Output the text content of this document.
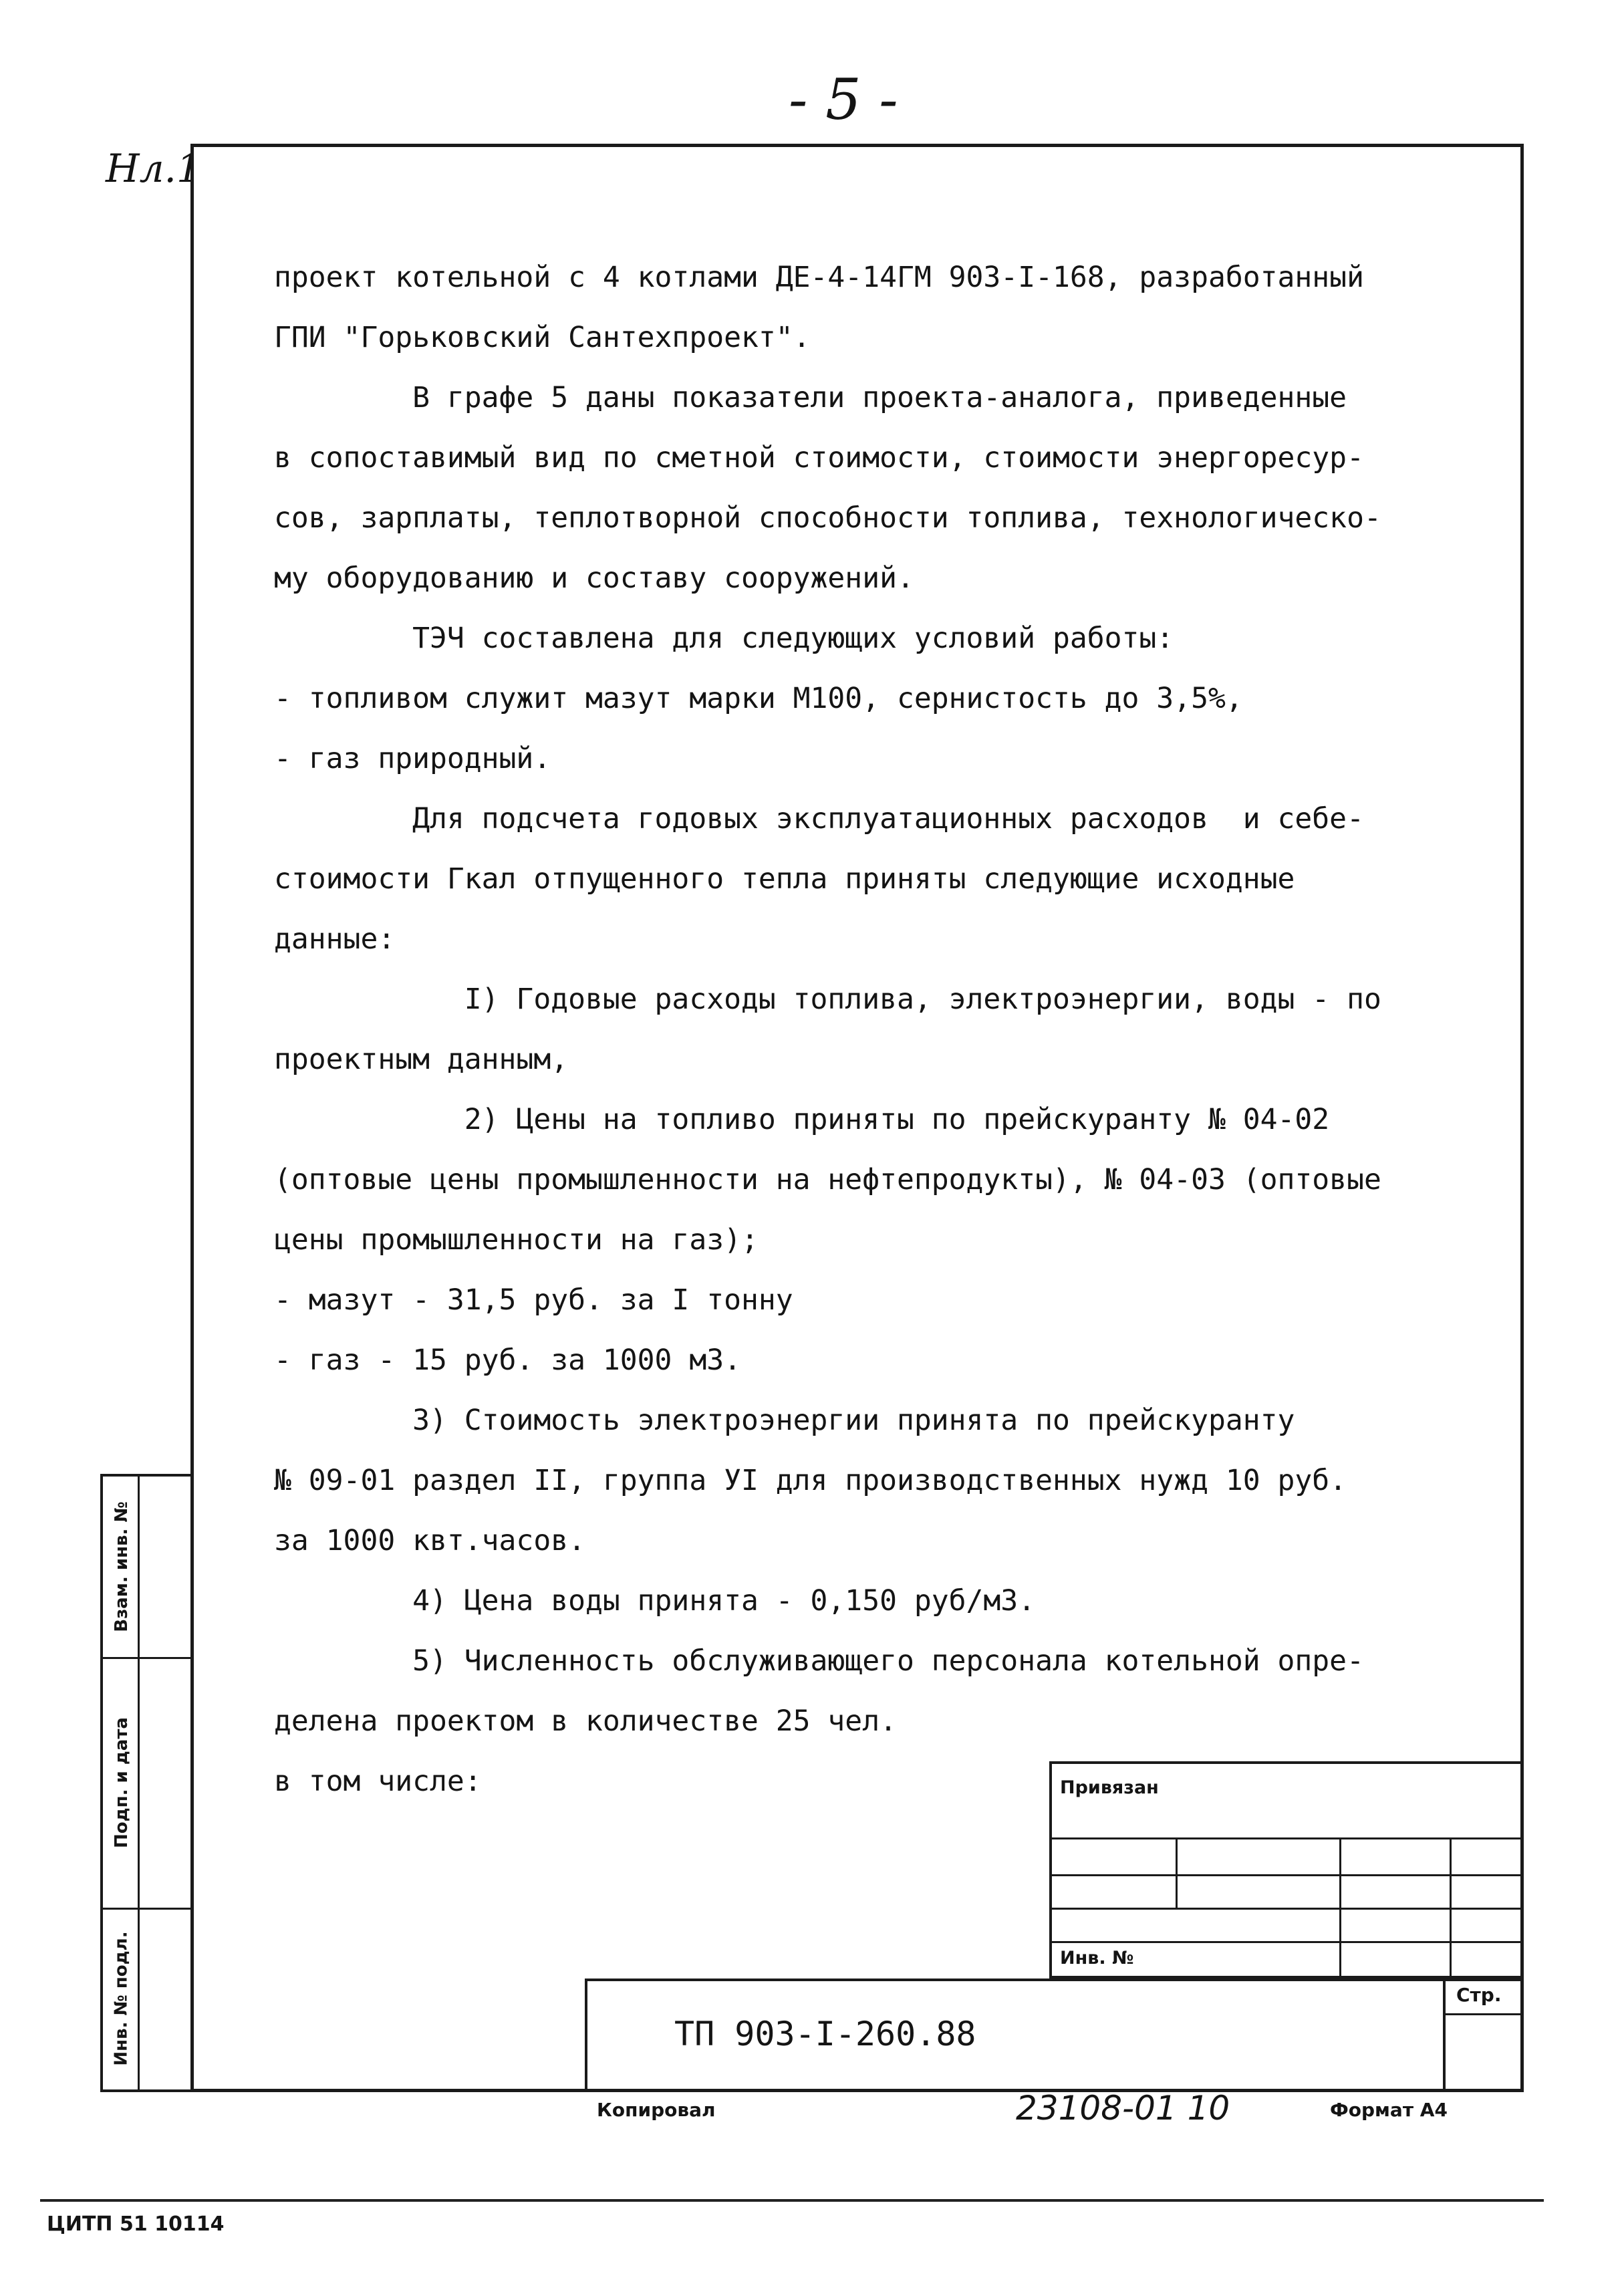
- 5 -
Нл.1
проект котельной с 4 котлами ДЕ-4-14ГМ 903-I-168, разработанный
ГПИ "Горьковский Сантехпроект".
В графе 5 даны показатели проекта-аналога, приведенные
в сопоставимый вид по сметной стоимости, стоимости энергоресур-
сов, зарплаты, теплотворной способности топлива, технологическо-
му оборудованию и составу сооружений.
ТЭЧ составлена для следующих условий работы:
- топливом служит мазут марки М100, сернистость до 3,5%,
- газ природный.
Для подсчета годовых эксплуатационных расходов  и себе-
стоимости Гкал отпущенного тепла приняты следующие исходные
данные:
I) Годовые расходы топлива, электроэнергии, воды - по
проектным данным,
2) Цены на топливо приняты по прейскуранту № 04-02
(оптовые цены промышленности на нефтепродукты), № 04-03 (оптовые
цены промышленности на газ);
- мазут - 31,5 руб. за I тонну
- газ - 15 руб. за 1000 м3.
3) Стоимость электроэнергии принята по прейскуранту
№ 09-01 раздел II, группа УI для производственных нужд 10 руб.
за 1000 квт.часов.
4) Цена воды принята - 0,150 руб/м3.
5) Численность обслуживающего персонала котельной опре-
делена проектом в количестве 25 чел.
в том числе:
Взам. инв. №
Подп. и дата
Инв. № подл.
Привязан
Инв. №
ТП 903-I-260.88
Стр.
Копировал	23108-01 10	Формат А4
ЦИТП 51 10114
